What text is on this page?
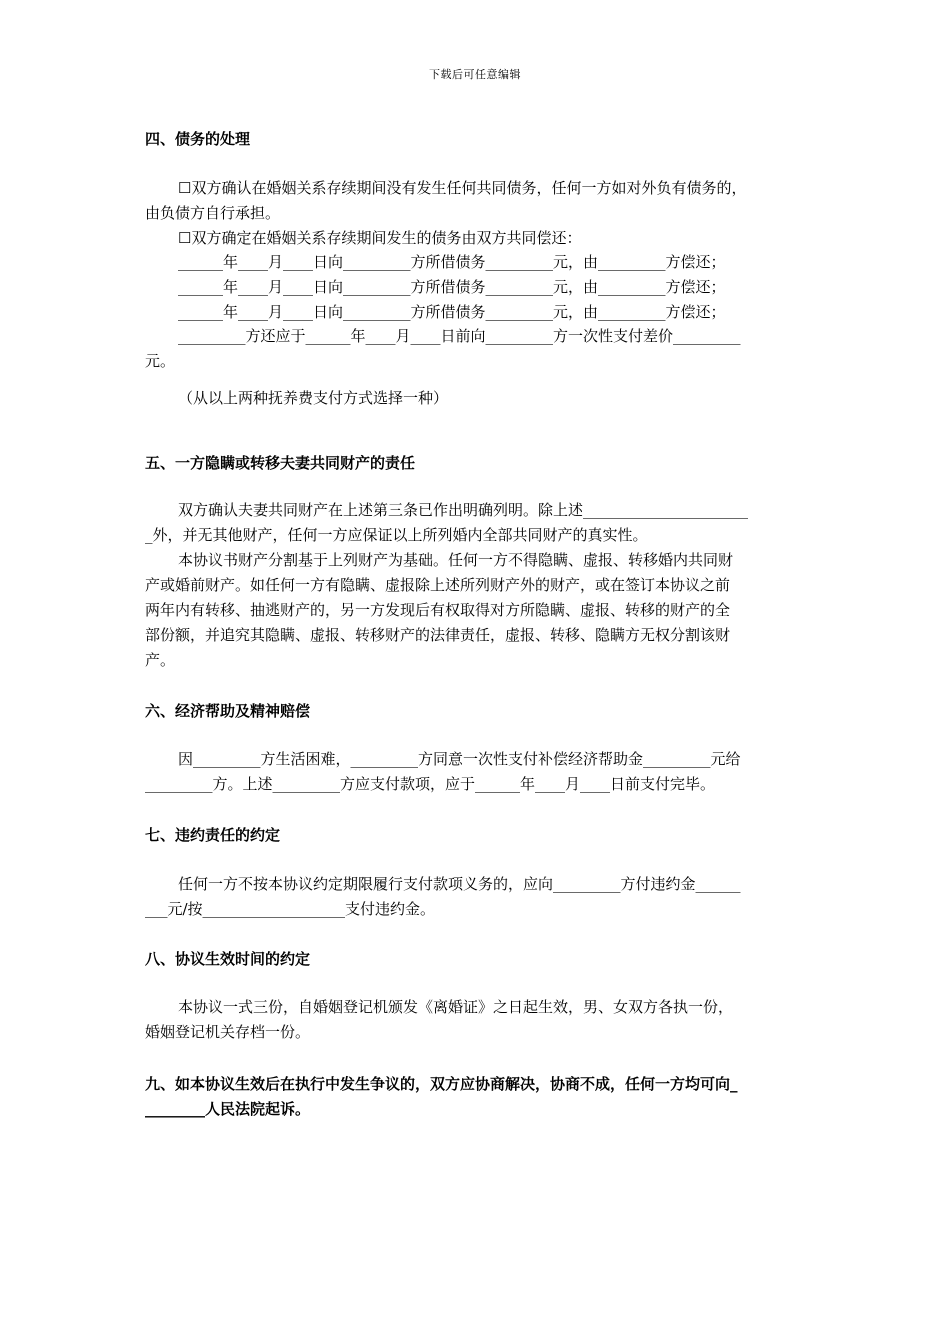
下载后可任意编辑
四、债务的处理
☐双方确认在婚姻关系存续期间没有发生任何共同债务，任何一方如对外负有债务的，
由负债方自行承担。
☐双方确定在婚姻关系存续期间发生的债务由双方共同偿还：
______年____月____日向_________方所借债务_________元，由_________方偿还；
______年____月____日向_________方所借债务_________元，由_________方偿还；
______年____月____日向_________方所借债务_________元，由_________方偿还；
_________方还应于______年____月____日前向_________方一次性支付差价_________
元。
（从以上两种抚养费支付方式选择一种）
五、一方隐瞒或转移夫妻共同财产的责任
双方确认夫妻共同财产在上述第三条已作出明确列明。除上述______________________
_外，并无其他财产，任何一方应保证以上所列婚内全部共同财产的真实性。
本协议书财产分割基于上列财产为基础。任何一方不得隐瞒、虚报、转移婚内共同财
产或婚前财产。如任何一方有隐瞒、虚报除上述所列财产外的财产，或在签订本协议之前
两年内有转移、抽逃财产的，另一方发现后有权取得对方所隐瞒、虚报、转移的财产的全
部份额，并追究其隐瞒、虚报、转移财产的法律责任，虚报、转移、隐瞒方无权分割该财
产。
六、经济帮助及精神赔偿
因_________方生活困难，_________方同意一次性支付补偿经济帮助金_________元给
_________方。上述_________方应支付款项，应于______年____月____日前支付完毕。
七、违约责任的约定
任何一方不按本协议约定期限履行支付款项义务的，应向_________方付违约金______
___元/按___________________支付违约金。
八、协议生效时间的约定
本协议一式三份，自婚姻登记机颁发《离婚证》之日起生效，男、女双方各执一份，
婚姻登记机关存档一份。
九、如本协议生效后在执行中发生争议的，双方应协商解决，协商不成，任何一方均可向_
________人民法院起诉。
